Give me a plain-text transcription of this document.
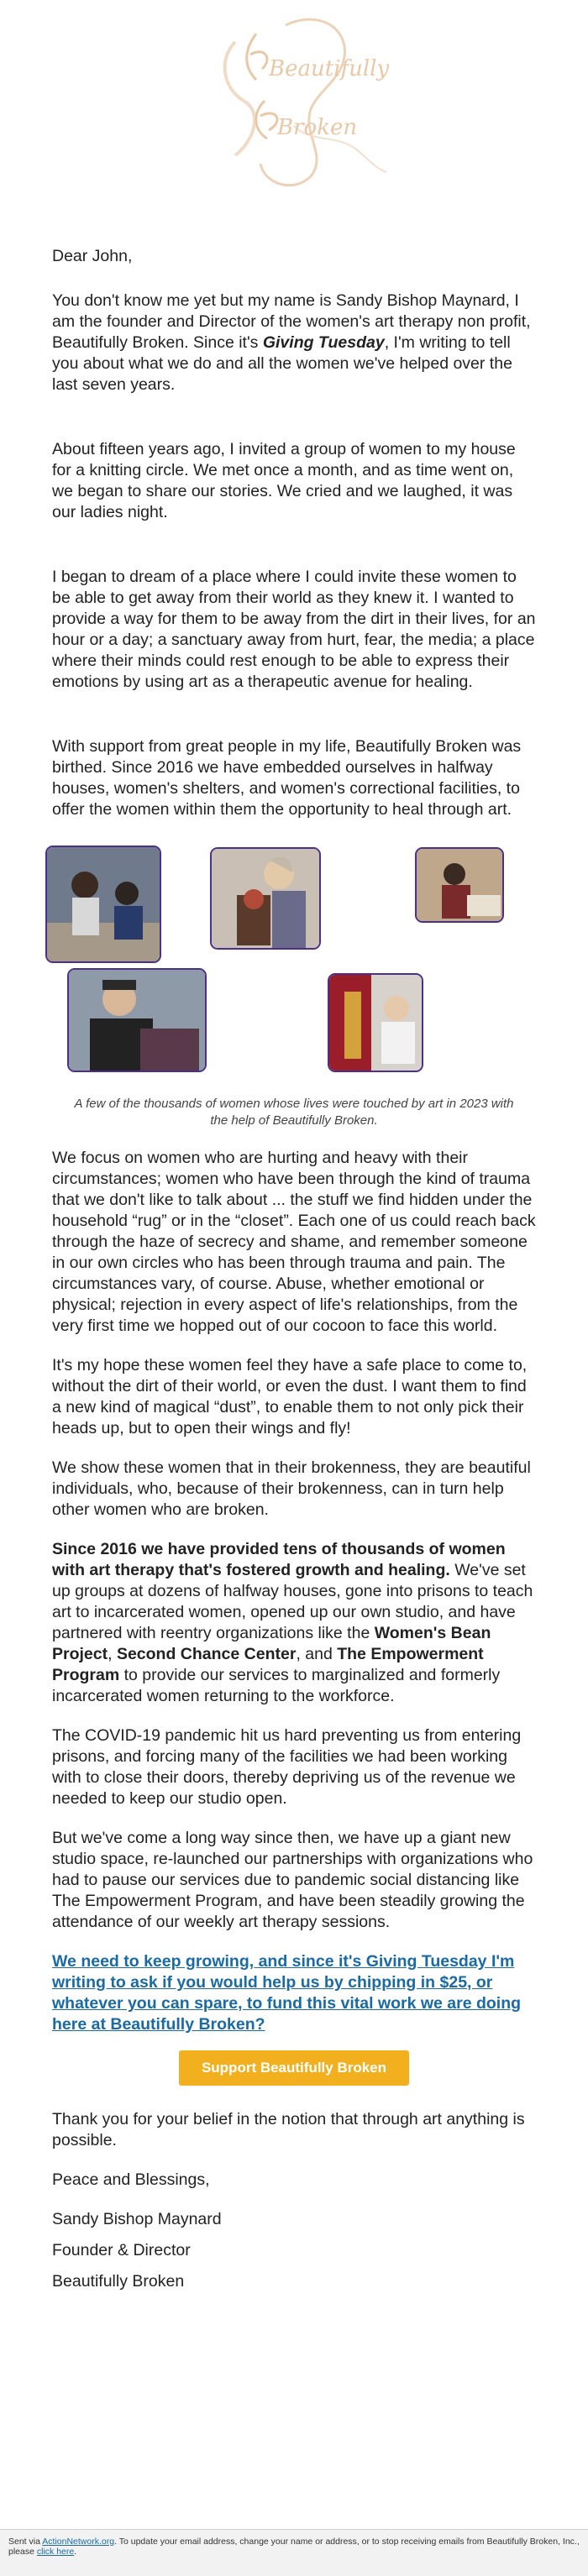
Beautifully
Broken

Dear John,

You don't know me yet but my name is Sandy Bishop Maynard, I am the founder and Director of the women's art therapy non profit, Beautifully Broken. Since it's Giving Tuesday, I'm writing to tell you about what we do and all the women we've helped over the last seven years.

About fifteen years ago, I invited a group of women to my house for a knitting circle. We met once a month, and as time went on, we began to share our stories. We cried and we laughed, it was our ladies night.

I began to dream of a place where I could invite these women to be able to get away from their world as they knew it. I wanted to provide a way for them to be away from the dirt in their lives, for an hour or a day; a sanctuary away from hurt, fear, the media; a place where their minds could rest enough to be able to express their emotions by using art as a therapeutic avenue for healing.

With support from great people in my life, Beautifully Broken was birthed. Since 2016 we have embedded ourselves in halfway houses, women's shelters, and women's correctional facilities, to offer the women within them the opportunity to heal through art.

A few of the thousands of women whose lives were touched by art in 2023 with the help of Beautifully Broken.

We focus on women who are hurting and heavy with their circumstances; women who have been through the kind of trauma that we don't like to talk about ... the stuff we find hidden under the household “rug” or in the “closet”. Each one of us could reach back through the haze of secrecy and shame, and remember someone in our own circles who has been through trauma and pain. The circumstances vary, of course. Abuse, whether emotional or physical; rejection in every aspect of life's relationships, from the very first time we hopped out of our cocoon to face this world.

It's my hope these women feel they have a safe place to come to, without the dirt of their world, or even the dust. I want them to find a new kind of magical “dust”, to enable them to not only pick their heads up, but to open their wings and fly!

We show these women that in their brokenness, they are beautiful individuals, who, because of their brokenness, can in turn help other women who are broken.

Since 2016 we have provided tens of thousands of women with art therapy that's fostered growth and healing. We've set up groups at dozens of halfway houses, gone into prisons to teach art to incarcerated women, opened up our own studio, and have partnered with reentry organizations like the Women's Bean Project, Second Chance Center, and The Empowerment Program to provide our services to marginalized and formerly incarcerated women returning to the workforce.

The COVID-19 pandemic hit us hard preventing us from entering prisons, and forcing many of the facilities we had been working with to close their doors, thereby depriving us of the revenue we needed to keep our studio open.

But we've come a long way since then, we have up a giant new studio space, re-launched our partnerships with organizations who had to pause our services due to pandemic social distancing like The Empowerment Program, and have been steadily growing the attendance of our weekly art therapy sessions.

We need to keep growing, and since it's Giving Tuesday I'm writing to ask if you would help us by chipping in $25, or whatever you can spare, to fund this vital work we are doing here at Beautifully Broken?

Support Beautifully Broken

Thank you for your belief in the notion that through art anything is possible.

Peace and Blessings,

Sandy Bishop Maynard

Founder & Director

Beautifully Broken

Sent via ActionNetwork.org. To update your email address, change your name or address, or to stop receiving emails from Beautifully Broken, Inc., please click here.
